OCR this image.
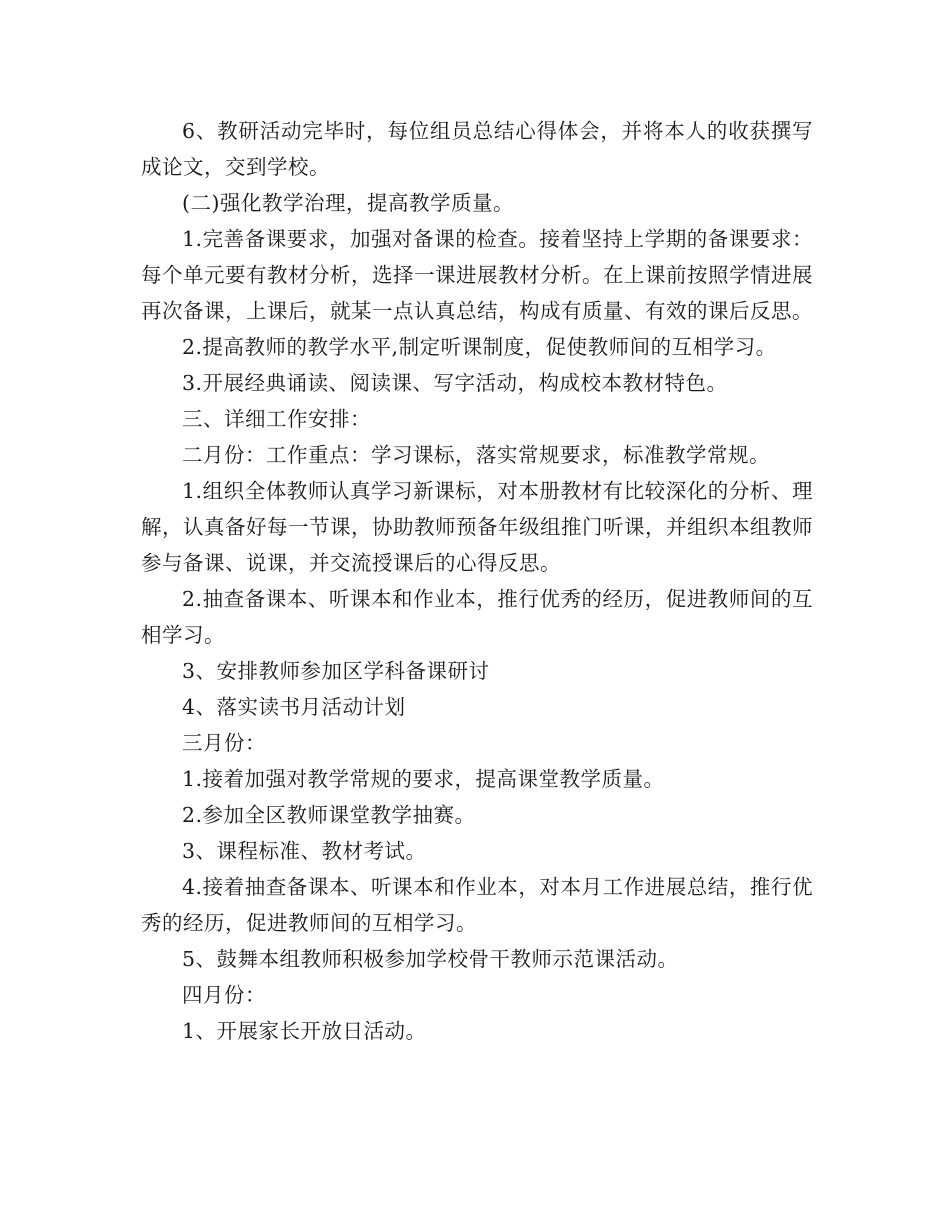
6、教研活动完毕时，每位组员总结心得体会，并将本人的收获撰写成论文，交到学校。

(二)强化教学治理，提高教学质量。

1.完善备课要求，加强对备课的检查。接着坚持上学期的备课要求：每个单元要有教材分析，选择一课进展教材分析。在上课前按照学情进展再次备课，上课后，就某一点认真总结，构成有质量、有效的课后反思。

2.提高教师的教学水平,制定听课制度，促使教师间的互相学习。

3.开展经典诵读、阅读课、写字活动，构成校本教材特色。

三、详细工作安排：

二月份：工作重点：学习课标，落实常规要求，标准教学常规。

1.组织全体教师认真学习新课标，对本册教材有比较深化的分析、理解，认真备好每一节课，协助教师预备年级组推门听课，并组织本组教师参与备课、说课，并交流授课后的心得反思。

2.抽查备课本、听课本和作业本，推行优秀的经历，促进教师间的互相学习。

3、安排教师参加区学科备课研讨

4、落实读书月活动计划

三月份：

1.接着加强对教学常规的要求，提高课堂教学质量。

2.参加全区教师课堂教学抽赛。

3、课程标准、教材考试。

4.接着抽查备课本、听课本和作业本，对本月工作进展总结，推行优秀的经历，促进教师间的互相学习。

5、鼓舞本组教师积极参加学校骨干教师示范课活动。

四月份：

1、开展家长开放日活动。
